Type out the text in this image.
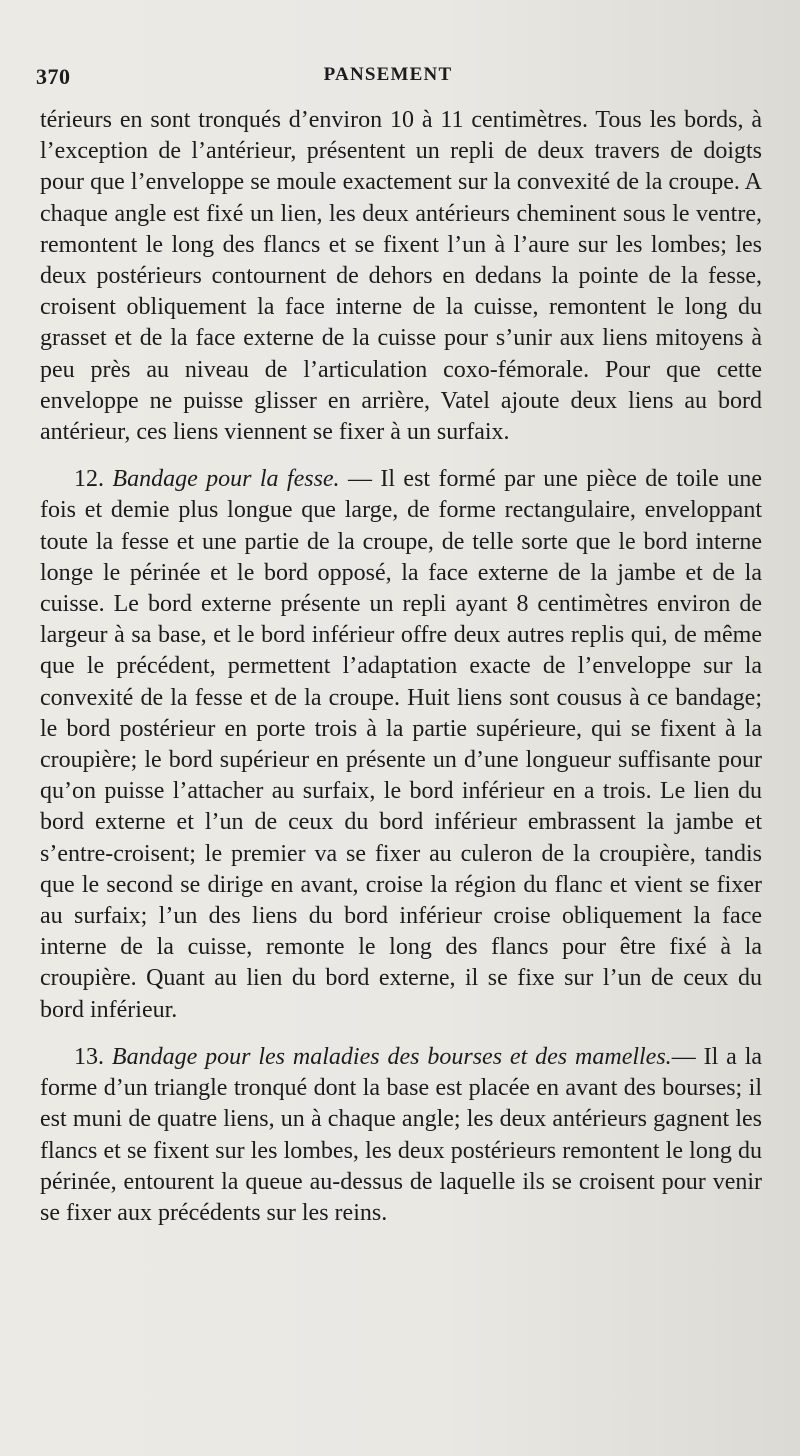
370	PANSEMENT

térieurs en sont tronqués d’environ 10 à 11 centimètres. Tous les bords, à l’exception de l’antérieur, présentent un repli de deux travers de doigts pour que l’enveloppe se moule exactement sur la convexité de la croupe. A chaque angle est fixé un lien, les deux antérieurs cheminent sous le ventre, remontent le long des flancs et se fixent l’un à l’aure sur les lombes; les deux postérieurs contournent de dehors en dedans la pointe de la fesse, croisent obliquement la face interne de la cuisse, remontent le long du grasset et de la face externe de la cuisse pour s’unir aux liens mitoyens à peu près au niveau de l’articulation coxo-fémorale. Pour que cette enveloppe ne puisse glisser en arrière, Vatel ajoute deux liens au bord antérieur, ces liens viennent se fixer à un surfaix.

12. Bandage pour la fesse. — Il est formé par une pièce de toile une fois et demie plus longue que large, de forme rectangulaire, enveloppant toute la fesse et une partie de la croupe, de telle sorte que le bord interne longe le périnée et le bord opposé, la face externe de la jambe et de la cuisse. Le bord externe présente un repli ayant 8 centimètres environ de largeur à sa base, et le bord inférieur offre deux autres replis qui, de même que le précédent, permettent l’adaptation exacte de l’enveloppe sur la convexité de la fesse et de la croupe. Huit liens sont cousus à ce bandage; le bord postérieur en porte trois à la partie supérieure, qui se fixent à la croupière; le bord supérieur en présente un d’une longueur suffisante pour qu’on puisse l’attacher au surfaix, le bord inférieur en a trois. Le lien du bord externe et l’un de ceux du bord inférieur embrassent la jambe et s’entre-croisent; le premier va se fixer au culeron de la croupière, tandis que le second se dirige en avant, croise la région du flanc et vient se fixer au surfaix; l’un des liens du bord inférieur croise obliquement la face interne de la cuisse, remonte le long des flancs pour être fixé à la croupière. Quant au lien du bord externe, il se fixe sur l’un de ceux du bord inférieur.

13. Bandage pour les maladies des bourses et des mamelles.— Il a la forme d’un triangle tronqué dont la base est placée en avant des bourses; il est muni de quatre liens, un à chaque angle; les deux antérieurs gagnent les flancs et se fixent sur les lombes, les deux postérieurs remontent le long du périnée, entourent la queue au-dessus de laquelle ils se croisent pour venir se fixer aux précédents sur les reins.
